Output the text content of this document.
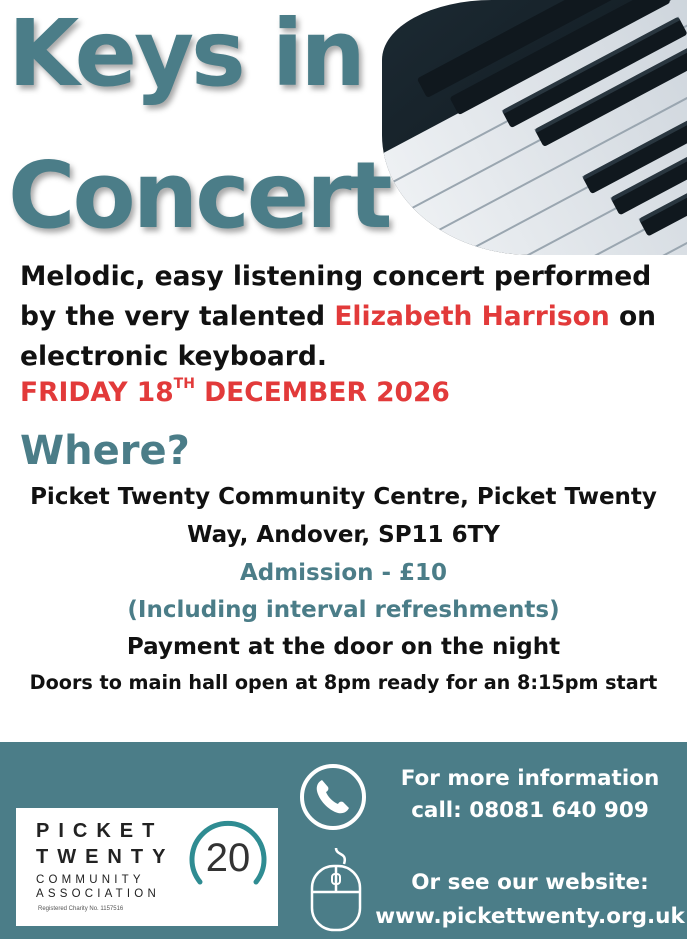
Keys in
Concert
Melodic, easy listening concert performed by the very talented Elizabeth Harrison on electronic keyboard.
FRIDAY 18TH DECEMBER 2026
Where?
Picket Twenty Community Centre, Picket Twenty
Way, Andover, SP11 6TY
Admission - £10
(Including interval refreshments)
Payment at the door on the night
Doors to main hall open at 8pm ready for an 8:15pm start
PICKET
TWENTY
COMMUNITY
ASSOCIATION
Registered Charity No. 1157516
20
For more information
call: 08081 640 909
Or see our website:
www.pickettwenty.org.uk
